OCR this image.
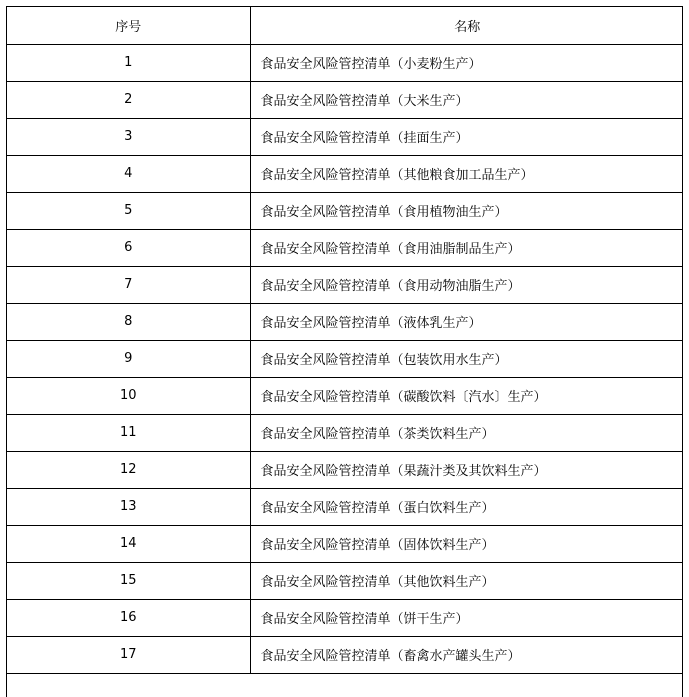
序号	名称
1	食品安全风险管控清单（小麦粉生产）
2	食品安全风险管控清单（大米生产）
3	食品安全风险管控清单（挂面生产）
4	食品安全风险管控清单（其他粮食加工品生产）
5	食品安全风险管控清单（食用植物油生产）
6	食品安全风险管控清单（食用油脂制品生产）
7	食品安全风险管控清单（食用动物油脂生产）
8	食品安全风险管控清单（液体乳生产）
9	食品安全风险管控清单（包装饮用水生产）
10	食品安全风险管控清单（碳酸饮料〔汽水〕生产）
11	食品安全风险管控清单（茶类饮料生产）
12	食品安全风险管控清单（果蔬汁类及其饮料生产）
13	食品安全风险管控清单（蛋白饮料生产）
14	食品安全风险管控清单（固体饮料生产）
15	食品安全风险管控清单（其他饮料生产）
16	食品安全风险管控清单（饼干生产）
17	食品安全风险管控清单（畜禽水产罐头生产）
